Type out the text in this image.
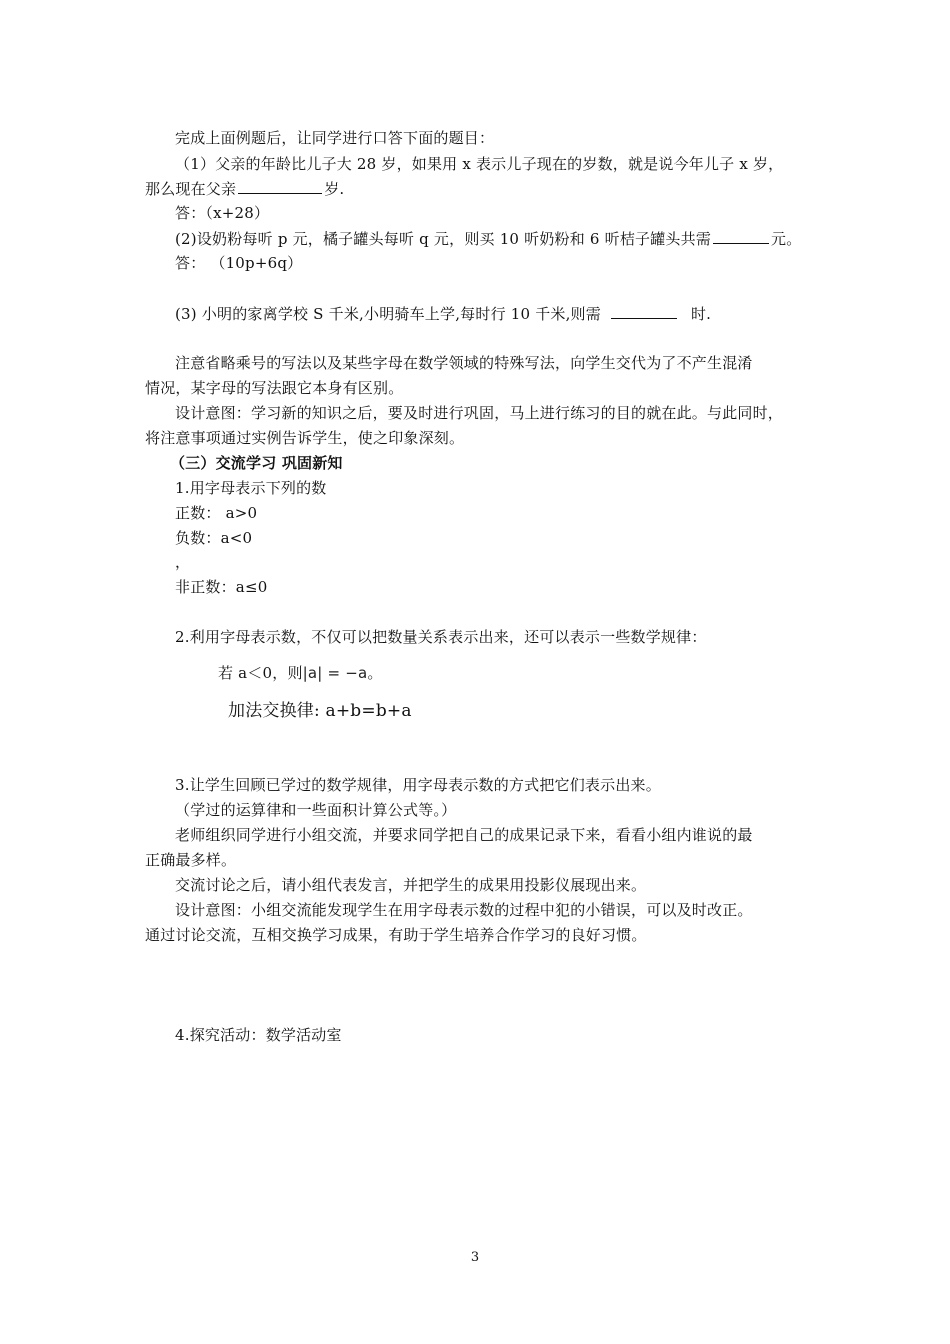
完成上面例题后，让同学进行口答下面的题目：
（1）父亲的年龄比儿子大 28 岁，如果用 x 表示儿子现在的岁数，就是说今年儿子 x 岁，
那么现在父亲	岁.
答：（x+28）
(2)设奶粉每听 p 元，橘子罐头每听 q 元，则买 10 听奶粉和 6 听桔子罐头共需	元。
答： （10p+6q）
(3) 小明的家离学校 S 千米,小明骑车上学,每时行 10 千米,则需	时.
注意省略乘号的写法以及某些字母在数学领域的特殊写法，向学生交代为了不产生混淆
情况，某字母的写法跟它本身有区别。
设计意图：学习新的知识之后，要及时进行巩固，马上进行练习的目的就在此。与此同时，
将注意事项通过实例告诉学生，使之印象深刻。
（三）交流学习 巩固新知
1.用字母表示下列的数
正数： a>0
负数：a<0
，
非正数：a≤0
2.利用字母表示数，不仅可以把数量关系表示出来，还可以表示一些数学规律：
若 a＜0，则|a| = −a。
加法交换律: a+b=b+a
3.让学生回顾已学过的数学规律，用字母表示数的方式把它们表示出来。
（学过的运算律和一些面积计算公式等。）
老师组织同学进行小组交流，并要求同学把自己的成果记录下来，看看小组内谁说的最
正确最多样。
交流讨论之后，请小组代表发言，并把学生的成果用投影仪展现出来。
设计意图：小组交流能发现学生在用字母表示数的过程中犯的小错误，可以及时改正。
通过讨论交流，互相交换学习成果，有助于学生培养合作学习的良好习惯。
4.探究活动：数学活动室
3
